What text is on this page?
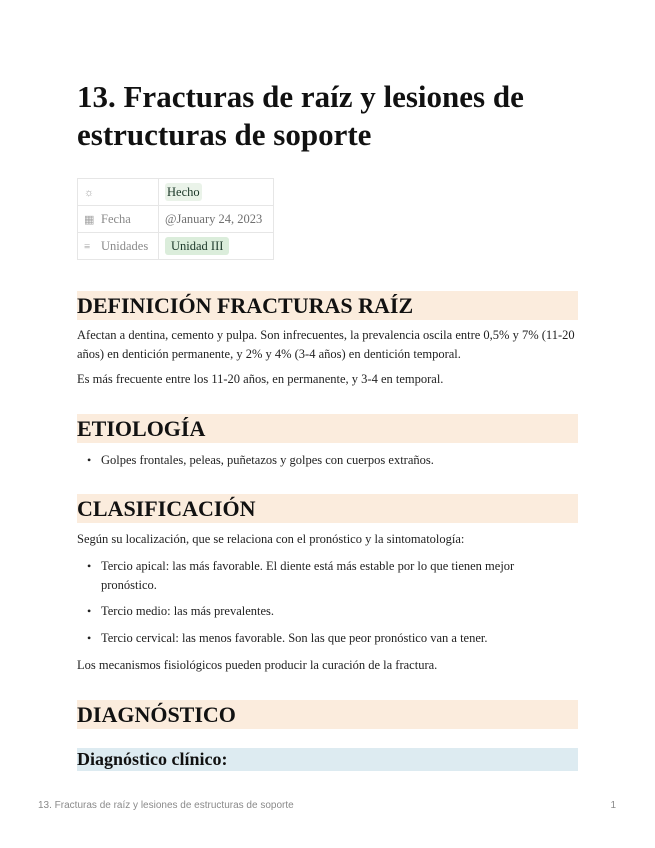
13. Fracturas de raíz y lesiones de estructuras de soporte
☼	Hecho
▦ Fecha	@January 24, 2023
≡ Unidades	Unidad III
DEFINICIÓN FRACTURAS RAÍZ

Afectan a dentina, cemento y pulpa. Son infrecuentes, la prevalencia oscila entre 0,5% y 7% (11-20 años) en dentición permanente, y 2% y 4% (3-4 años) en dentición temporal.

Es más frecuente entre los 11-20 años, en permanente, y 3-4 en temporal.

ETIOLOGÍA
• Golpes frontales, peleas, puñetazos y golpes con cuerpos extraños.
CLASIFICACIÓN

Según su localización, que se relaciona con el pronóstico y la sintomatología:

• Tercio apical: las más favorable. El diente está más estable por lo que tienen mejor pronóstico.
• Tercio medio: las más prevalentes.
• Tercio cervical: las menos favorable. Son las que peor pronóstico van a tener.

Los mecanismos fisiológicos pueden producir la curación de la fractura.

DIAGNÓSTICO
Diagnóstico clínico:
13. Fracturas de raíz y lesiones de estructuras de soporte	1
